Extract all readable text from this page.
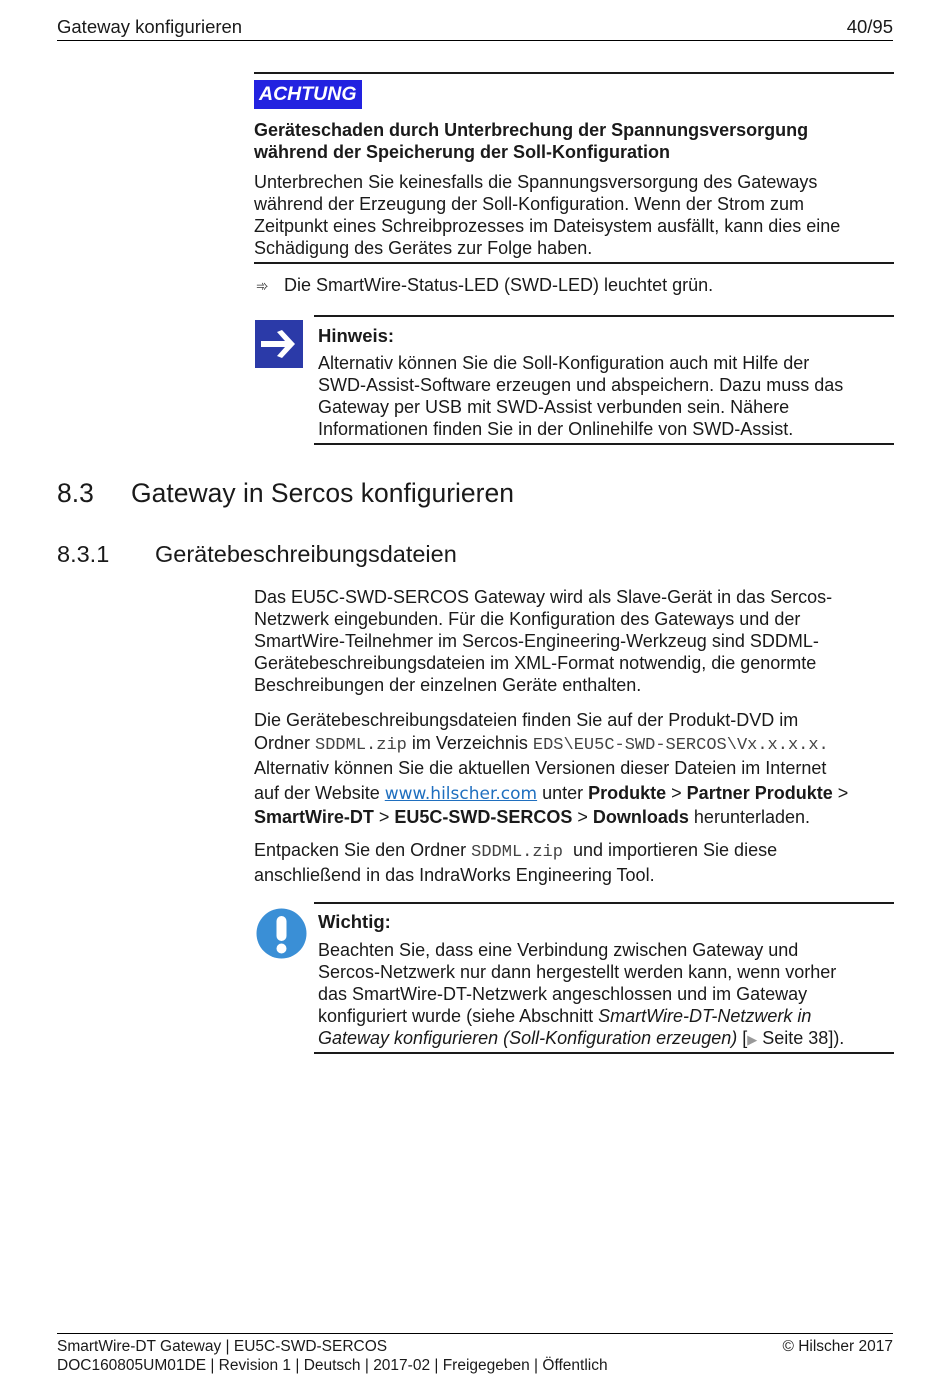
Gateway konfigurieren	40/95
ACHTUNG
Geräteschaden durch Unterbrechung der Spannungsversorgung
während der Speicherung der Soll-Konfiguration
Unterbrechen Sie keinesfalls die Spannungsversorgung des Gateways
während der Erzeugung der Soll-Konfiguration. Wenn der Strom zum
Zeitpunkt eines Schreibprozesses im Dateisystem ausfällt, kann dies eine
Schädigung des Gerätes zur Folge haben.
➾ Die SmartWire-Status-LED (SWD-LED) leuchtet grün.
Hinweis:
Alternativ können Sie die Soll-Konfiguration auch mit Hilfe der
SWD-Assist-Software erzeugen und abspeichern. Dazu muss das
Gateway per USB mit SWD-Assist verbunden sein. Nähere
Informationen finden Sie in der Onlinehilfe von SWD-Assist.
8.3 Gateway in Sercos konfigurieren
8.3.1 Gerätebeschreibungsdateien
Das EU5C-SWD-SERCOS Gateway wird als Slave-Gerät in das Sercos-
Netzwerk eingebunden. Für die Konfiguration des Gateways und der
SmartWire-Teilnehmer im Sercos-Engineering-Werkzeug sind SDDML-
Gerätebeschreibungsdateien im XML-Format notwendig, die genormte
Beschreibungen der einzelnen Geräte enthalten.
Die Gerätebeschreibungsdateien finden Sie auf der Produkt-DVD im
Ordner SDDML.zip im Verzeichnis EDS\EU5C-SWD-SERCOS\Vx.x.x.x.
Alternativ können Sie die aktuellen Versionen dieser Dateien im Internet
auf der Website www.hilscher.com unter Produkte > Partner Produkte >
SmartWire-DT > EU5C-SWD-SERCOS > Downloads herunterladen.
Entpacken Sie den Ordner SDDML.zip  und importieren Sie diese
anschließend in das IndraWorks Engineering Tool.
Wichtig:
Beachten Sie, dass eine Verbindung zwischen Gateway und
Sercos-Netzwerk nur dann hergestellt werden kann, wenn vorher
das SmartWire-DT-Netzwerk angeschlossen und im Gateway
konfiguriert wurde (siehe Abschnitt SmartWire-DT-Netzwerk in
Gateway konfigurieren (Soll-Konfiguration erzeugen) [▶ Seite 38]).
SmartWire-DT Gateway | EU5C-SWD-SERCOS
DOC160805UM01DE | Revision 1 | Deutsch | 2017-02 | Freigegeben | Öffentlich
© Hilscher 2017
